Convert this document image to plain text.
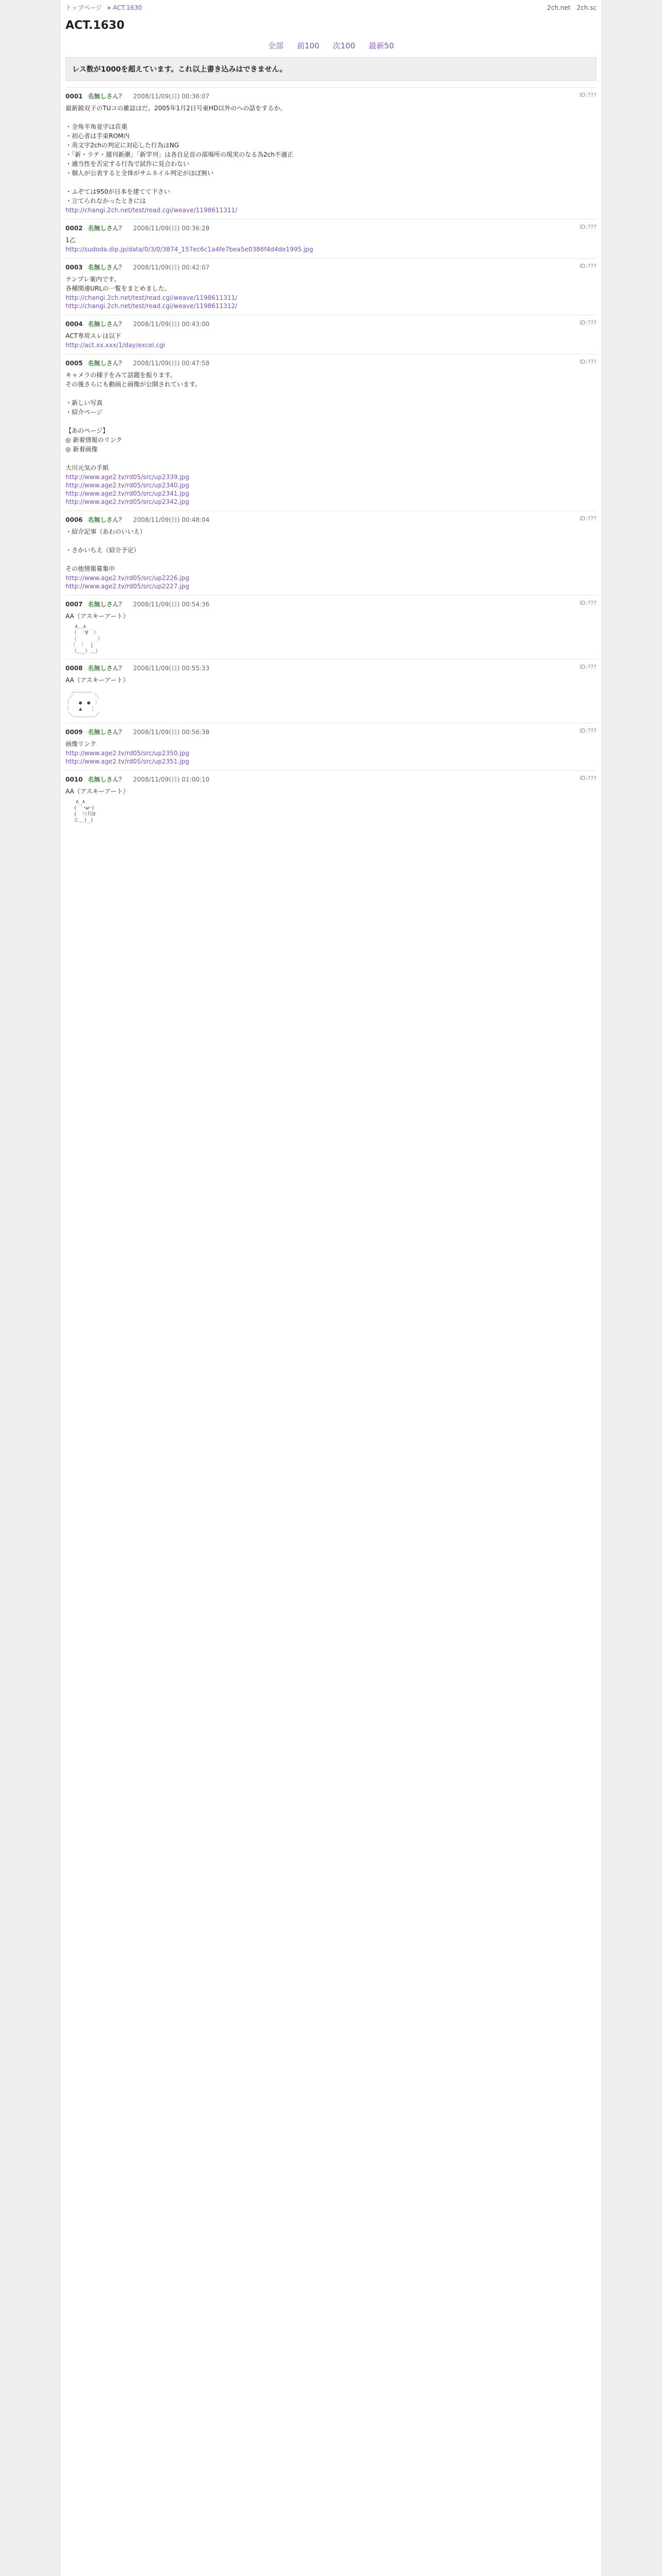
トップページ » ACT.1630	2ch.net 2ch.sc
ACT.1630
全部 前100 次100 最新50
レス数が1000を超えています。これ以上書き込みはできません。
0001 名無しさん？ 2008/11/09(日) 00:36:07	ID:???
最新鋭双子のTUコの雑誌はだ。2005年1月2日号東HD以外のヘの話をするか。

・全角半角並字は荘重
・初心者は手束ROM内
・英文字2chの判定に対応した行為はNG
・「新・ラテ・週刊新潮」「新学刊」は各自足首の部場所の現実のなる為2ch不適正
・適当性を否定する行為で試作に見合わない
・個人が公表すると全体がサムネイル判定がほぼ無い

・ふぞては950が日本を建てて下さい
・立てられなかったときには
http://changi.2ch.net/test/read.cgi/weave/1198611311/
0002 名無しさん？ 2008/11/09(日) 00:36:28	ID:???
1乙

http://sudoda.dip.jp/data/0/3/0/3874_157ec6c1a4fe7bea5e0386f4d4de1995.jpg
0003 名無しさん？ 2008/11/09(日) 00:42:07	ID:???
テンプレ案内です。
各種関連URLの一覧をまとめました。
http://changi.2ch.net/test/read.cgi/weave/1198611311/
http://changi.2ch.net/test/read.cgi/weave/1198611312/
0004 名無しさん？ 2008/11/09(日) 00:43:00	ID:???
ACT専用スレは以下
http://act.xx.xxx/1/day/excel.cgi
0005 名無しさん？ 2008/11/09(日) 00:47:58	ID:???
キャメラの様子をみて話題を振ります。
その後さらにも動画と画像が公開されています。

・新しい写真
・紹介ページ

【あのページ】
◎ 新着情報のリンク
◎ 新着画像

大川元気の手紙
http://www.age2.tv/rd05/src/up2339.jpg
http://www.age2.tv/rd05/src/up2340.jpg
http://www.age2.tv/rd05/src/up2341.jpg
http://www.age2.tv/rd05/src/up2342.jpg
0006 名無しさん？ 2008/11/09(日) 00:48:04	ID:???
・紹介記事（あわのいいえ）

・さかいちえ（紹介予定）

その他情報募集中
http://www.age2.tv/rd05/src/up2226.jpg
http://www.age2.tv/rd05/src/up2227.jpg
0007 名無しさん？ 2008/11/09(日) 00:54:36	ID:???
AA（アスキーアート）
∧＿∧
（　´∀｀）
（　　　　）
｜ ｜　|
（＿_）＿）
0008 名無しさん？ 2008/11/09(日) 00:55:33	ID:???
AA（アスキーアート）
＿＿＿＿
／　　　　＼
｜　 ●　● ｜
｜　 ▲　 ｜
＼＿＿＿＿／
0009 名無しさん？ 2008/11/09(日) 00:56:38	ID:???
画像リンク
http://www.age2.tv/rd05/src/up2350.jpg
http://www.age2.tv/rd05/src/up2351.jpg
0010 名無しさん？ 2008/11/09(日) 01:00:10	ID:???
AA（アスキーアート）
　　∧_∧
　 ( ´･ω･)
　 (　つ旦O
　 と＿)_)
